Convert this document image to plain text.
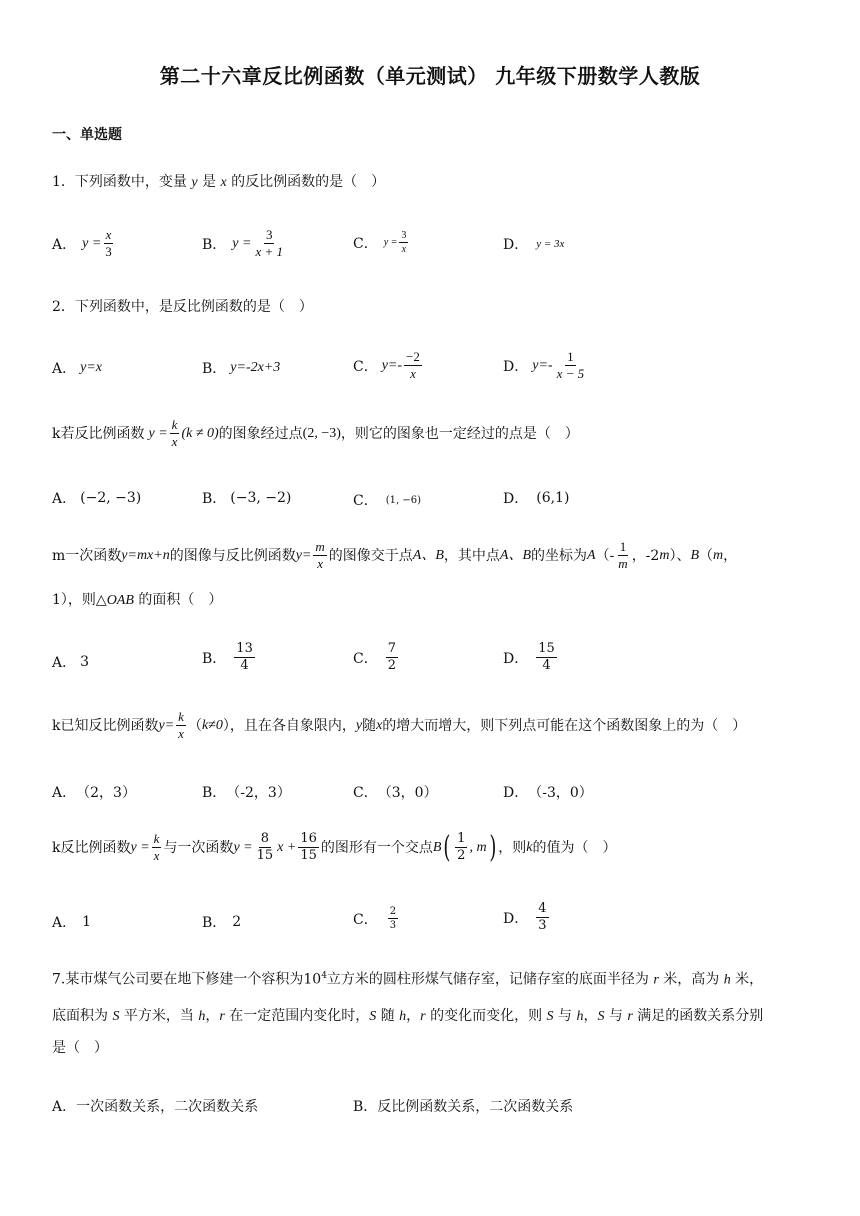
第二十六章反比例函数（单元测试） 九年级下册数学人教版
一、单选题
1．下列函数中，变量 y 是 x 的反比例函数的是（　）
A． $y = \frac{x}{3}$	B． $y = \frac{3}{x + 1}$	C． $y = \frac{3}{x}$	D． y = 3x
2．下列函数中，是反比例函数的是（　）
A． y=x	B． y=-2x+3	C． $y=- \frac{-2}{x}$	D． $y=- \frac{1}{x - 5}$
k 若反比例函数 $y = \frac{k}{x} (k \ne 0)$ 的图象经过点 (2, −3) ，则它的图象也一定经过的点是（　）
A． (−2, −3)	B． (−3, −2)	C． (1, −6)	D． (6,1)
m 一次函数 y=mx+n 的图像与反比例函数 $y= \frac{m}{x}$ 的图像交于点 A、B ，其中点 A、B 的坐标为 A （- $\frac{1}{m}$ ，-2 m ）、 B （ m ，
1），则△OAB 的面积（　）
A． 3	B． $\frac{13}{4}$	C． $\frac{7}{2}$	D． $\frac{15}{4}$
k 已知反比例函数 $y= \frac{k}{x}$ （ k≠0 ），且在各自象限内， y 随 x 的增大而增大，则下列点可能在这个函数图象上的为（　）
A． （2，3）	B． （-2，3）	C． （3，0）	D． （-3，0）
k 反比例函数 $y = \frac{k}{x}$ 与一次函数 $y = \frac{8}{15}$ $x + \frac{16}{15}$ 的图形有一个交点 B ( $\frac{1}{2}$ , m ) ，则 k 的值为（　）
A． 1	B． 2	C． $\frac{2}{3}$	D． $\frac{4}{3}$
7.某市煤气公司要在地下修建一个容积为$10^4$立方米的圆柱形煤气储存室，记储存室的底面半径为 r 米，高为 h 米，
底面积为 S 平方米，当 h，r 在一定范围内变化时，S 随 h，r 的变化而变化，则 S 与 h，S 与 r 满足的函数关系分别
是（　）
A． 一次函数关系，二次函数关系	B． 反比例函数关系，二次函数关系
